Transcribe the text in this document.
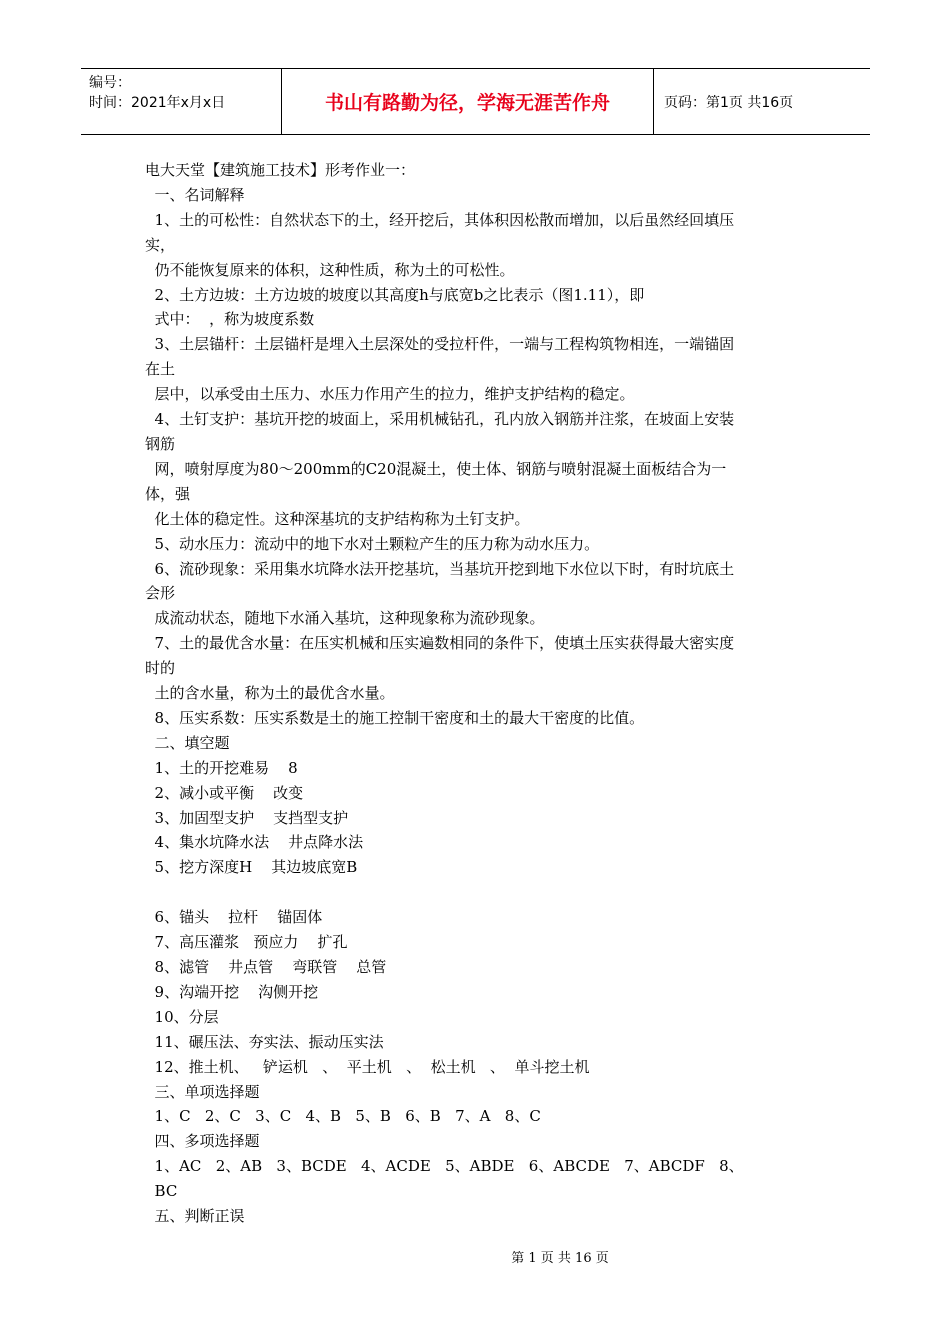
编号：
时间：2021年x月x日	书山有路勤为径，学海无涯苦作舟	页码：第1页 共16页
电大天堂【建筑施工技术】形考作业一：
一、名词解释
1、土的可松性：自然状态下的土，经开挖后，其体积因松散而增加，以后虽然经回填压
实，
仍不能恢复原来的体积，这种性质，称为土的可松性。
2、土方边坡：土方边坡的坡度以其高度h与底宽b之比表示（图1.11），即
式中：  ，称为坡度系数
3、土层锚杆：土层锚杆是埋入土层深处的受拉杆件，一端与工程构筑物相连，一端锚固
在土
层中，以承受由土压力、水压力作用产生的拉力，维护支护结构的稳定。
4、土钉支护：基坑开挖的坡面上，采用机械钻孔，孔内放入钢筋并注浆，在坡面上安装
钢筋
网，喷射厚度为80～200mm的C20混凝土，使土体、钢筋与喷射混凝土面板结合为一
体，强
化土体的稳定性。这种深基坑的支护结构称为土钉支护。
5、动水压力：流动中的地下水对土颗粒产生的压力称为动水压力。
6、流砂现象：采用集水坑降水法开挖基坑，当基坑开挖到地下水位以下时，有时坑底土
会形
成流动状态，随地下水涌入基坑，这种现象称为流砂现象。
7、土的最优含水量：在压实机械和压实遍数相同的条件下，使填土压实获得最大密实度
时的
土的含水量，称为土的最优含水量。
8、压实系数：压实系数是土的施工控制干密度和土的最大干密度的比值。
二、填空题
1、土的开挖难易    8
2、减小或平衡    改变
3、加固型支护    支挡型支护
4、集水坑降水法    井点降水法
5、挖方深度H    其边坡底宽B
6、锚头    拉杆    锚固体
7、高压灌浆   预应力    扩孔
8、滤管    井点管    弯联管    总管
9、沟端开挖    沟侧开挖
10、分层
11、碾压法、夯实法、振动压实法
12、推土机、   铲运机   、  平土机   、  松土机   、  单斗挖土机
三、单项选择题
1、C   2、C   3、C   4、B   5、B   6、B   7、A   8、C
四、多项选择题
1、AC   2、AB   3、BCDE   4、ACDE   5、ABDE   6、ABCDE   7、ABCDF   8、
BC
五、判断正误
第 1 页 共 16 页
